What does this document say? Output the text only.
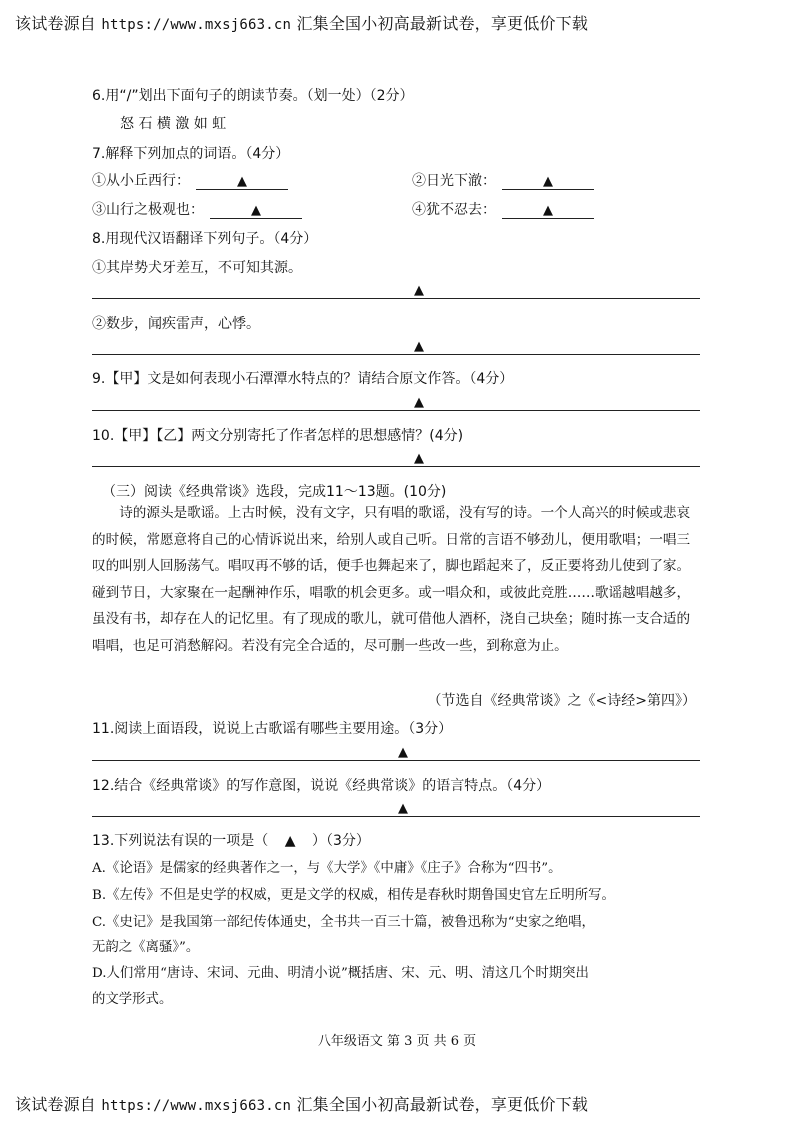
该试卷源自 https://www.mxsj663.cn 汇集全国小初高最新试卷，享更低价下载
6.用“/”划出下面句子的朗读节奏。（划一处）（2分）
怒 石 横 激 如 虹
7.解释下列加点的词语。（4分）
①从小丘西行：	▲	②日光下澈：	▲
③山行之极观也：	▲	④犹不忍去：	▲
8.用现代汉语翻译下列句子。（4分）
①其岸势犬牙差互，不可知其源。
▲
②数步，闻疾雷声，心悸。
▲
9.【甲】文是如何表现小石潭潭水特点的？请结合原文作答。（4分）
▲
10.【甲】【乙】两文分别寄托了作者怎样的思想感情？(4分)
▲
（三）阅读《经典常谈》选段，完成11～13题。(10分)

诗的源头是歌谣。上古时候，没有文字，只有唱的歌谣，没有写的诗。一个人高兴的时候或悲哀的时候，常愿意将自己的心情诉说出来，给别人或自己听。日常的言语不够劲儿，便用歌唱；一唱三叹的叫别人回肠荡气。唱叹再不够的话，便手也舞起来了，脚也蹈起来了，反正要将劲儿使到了家。碰到节日，大家聚在一起酬神作乐，唱歌的机会更多。或一唱众和，或彼此竞胜……歌谣越唱越多，虽没有书，却存在人的记忆里。有了现成的歌儿，就可借他人酒杯，浇自己块垒；随时拣一支合适的唱唱，也足可消愁解闷。若没有完全合适的，尽可删一些改一些，到称意为止。

（节选自《经典常谈》之《<诗经>第四》）
11.阅读上面语段，说说上古歌谣有哪些主要用途。（3分）
▲
12.结合《经典常谈》的写作意图，说说《经典常谈》的语言特点。（4分）
▲
13.下列说法有误的一项是（ ▲ ）（3分）
A.《论语》是儒家的经典著作之一，与《大学》《中庸》《庄子》合称为“四书”。
B.《左传》不但是史学的权威，更是文学的权威，相传是春秋时期鲁国史官左丘明所写。
C.《史记》是我国第一部纪传体通史，全书共一百三十篇，被鲁迅称为“史家之绝唱，
无韵之《离骚》”。
D.人们常用“唐诗、宋词、元曲、明清小说”概括唐、宋、元、明、清这几个时期突出
的文学形式。
八年级语文 第 3 页 共 6 页
该试卷源自 https://www.mxsj663.cn 汇集全国小初高最新试卷，享更低价下载
